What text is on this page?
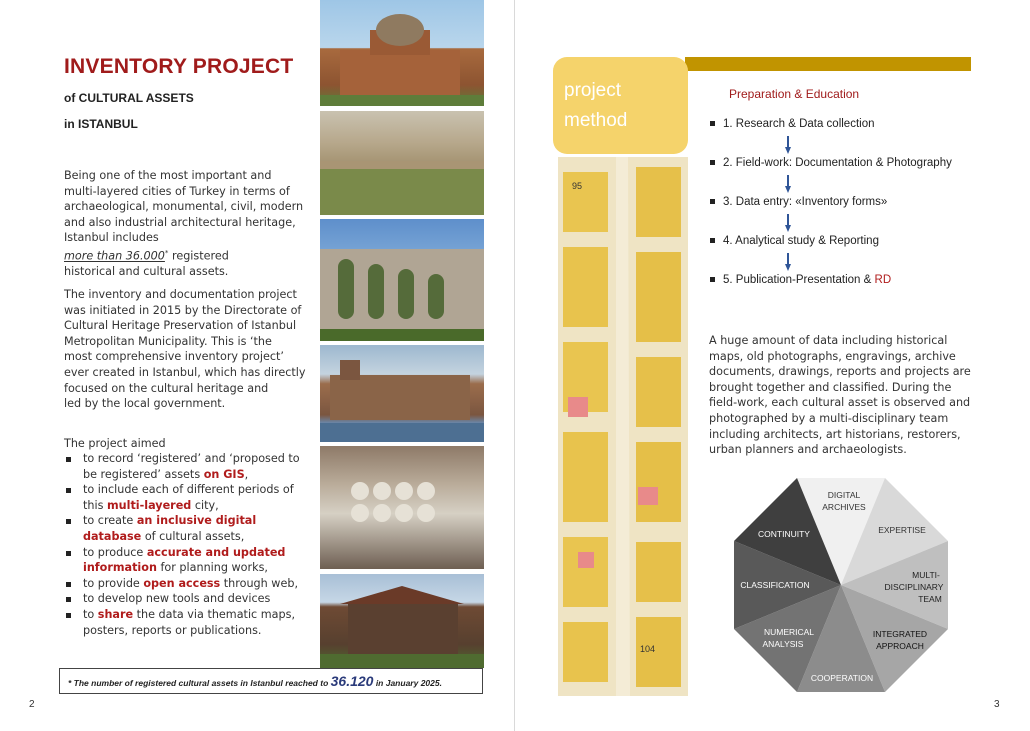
INVENTORY PROJECT
of CULTURAL ASSETS
in ISTANBUL
Being one of the most important and
multi-layered cities of Turkey in terms of
archaeological, monumental, civil, modern
and also industrial architectural heritage,
Istanbul includes
more than 36.000* registered
historical and cultural assets.
The inventory and documentation project
was initiated in 2015 by the Directorate of
Cultural Heritage Preservation of Istanbul
Metropolitan Municipality. This is ‘the
most comprehensive inventory project’
ever created in Istanbul, which has directly
focused on the cultural heritage and
led by the local government.
The project aimed
to record ‘registered’ and ‘proposed to be registered’ assets on GIS,
to include each of different periods of this multi-layered city,
to create an inclusive digital database of cultural assets,
to produce accurate and updated information for planning works,
to provide open access through web,
to develop new tools and devices
to share the data via thematic maps, posters, reports or publications.
* The number of registered cultural assets in Istanbul reached to 36.120 in January 2025.
2
project
method
95
104
Preparation & Education
1. Research & Data collection
2. Field-work: Documentation & Photography
3. Data entry: «Inventory forms»
4. Analytical study & Reporting
5. Publication-Presentation & RD
A huge amount of data including historical
maps, old photographs, engravings, archive
documents, drawings, reports and projects are
brought together and classified. During the
field-work, each cultural asset is observed and
photographed by a multi-disciplinary team
including architects, art historians, restorers,
urban planners and archaeologists.
DIGITAL
ARCHIVES
EXPERTISE
MULTI-
DISCIPLINARY
TEAM
INTEGRATED
APPROACH
COOPERATION
NUMERICAL
ANALYSIS
CLASSIFICATION
CONTINUITY
3
